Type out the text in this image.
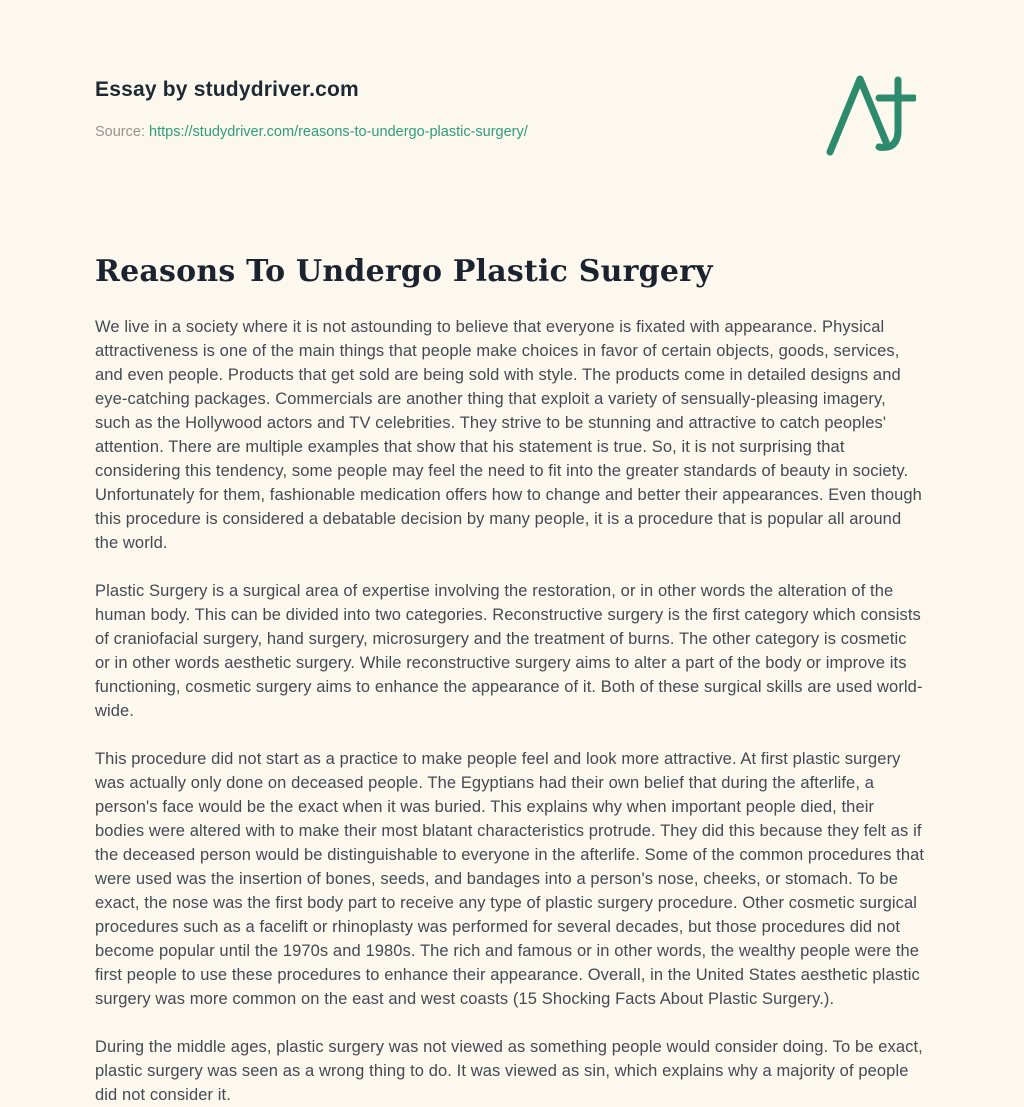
Essay by studydriver.com
Source: https://studydriver.com/reasons-to-undergo-plastic-surgery/
Reasons To Undergo Plastic Surgery

We live in a society where it is not astounding to believe that everyone is fixated with appearance. Physical attractiveness is one of the main things that people make choices in favor of certain objects, goods, services, and even people. Products that get sold are being sold with style. The products come in detailed designs and eye-catching packages. Commercials are another thing that exploit a variety of sensually-pleasing imagery, such as the Hollywood actors and TV celebrities. They strive to be stunning and attractive to catch peoples' attention. There are multiple examples that show that his statement is true. So, it is not surprising that considering this tendency, some people may feel the need to fit into the greater standards of beauty in society. Unfortunately for them, fashionable medication offers how to change and better their appearances. Even though this procedure is considered a debatable decision by many people, it is a procedure that is popular all around the world.

Plastic Surgery is a surgical area of expertise involving the restoration, or in other words the alteration of the human body. This can be divided into two categories. Reconstructive surgery is the first category which consists of craniofacial surgery, hand surgery, microsurgery and the treatment of burns. The other category is cosmetic or in other words aesthetic surgery. While reconstructive surgery aims to alter a part of the body or improve its functioning, cosmetic surgery aims to enhance the appearance of it. Both of these surgical skills are used world-wide.

This procedure did not start as a practice to make people feel and look more attractive. At first plastic surgery was actually only done on deceased people. The Egyptians had their own belief that during the afterlife, a person's face would be the exact when it was buried. This explains why when important people died, their bodies were altered with to make their most blatant characteristics protrude. They did this because they felt as if the deceased person would be distinguishable to everyone in the afterlife. Some of the common procedures that were used was the insertion of bones, seeds, and bandages into a person's nose, cheeks, or stomach. To be exact, the nose was the first body part to receive any type of plastic surgery procedure. Other cosmetic surgical procedures such as a facelift or rhinoplasty was performed for several decades, but those procedures did not become popular until the 1970s and 1980s. The rich and famous or in other words, the wealthy people were the first people to use these procedures to enhance their appearance. Overall, in the United States aesthetic plastic surgery was more common on the east and west coasts (15 Shocking Facts About Plastic Surgery.).

During the middle ages, plastic surgery was not viewed as something people would consider doing. To be exact, plastic surgery was seen as a wrong thing to do. It was viewed as sin, which explains why a majority of people did not consider it.
